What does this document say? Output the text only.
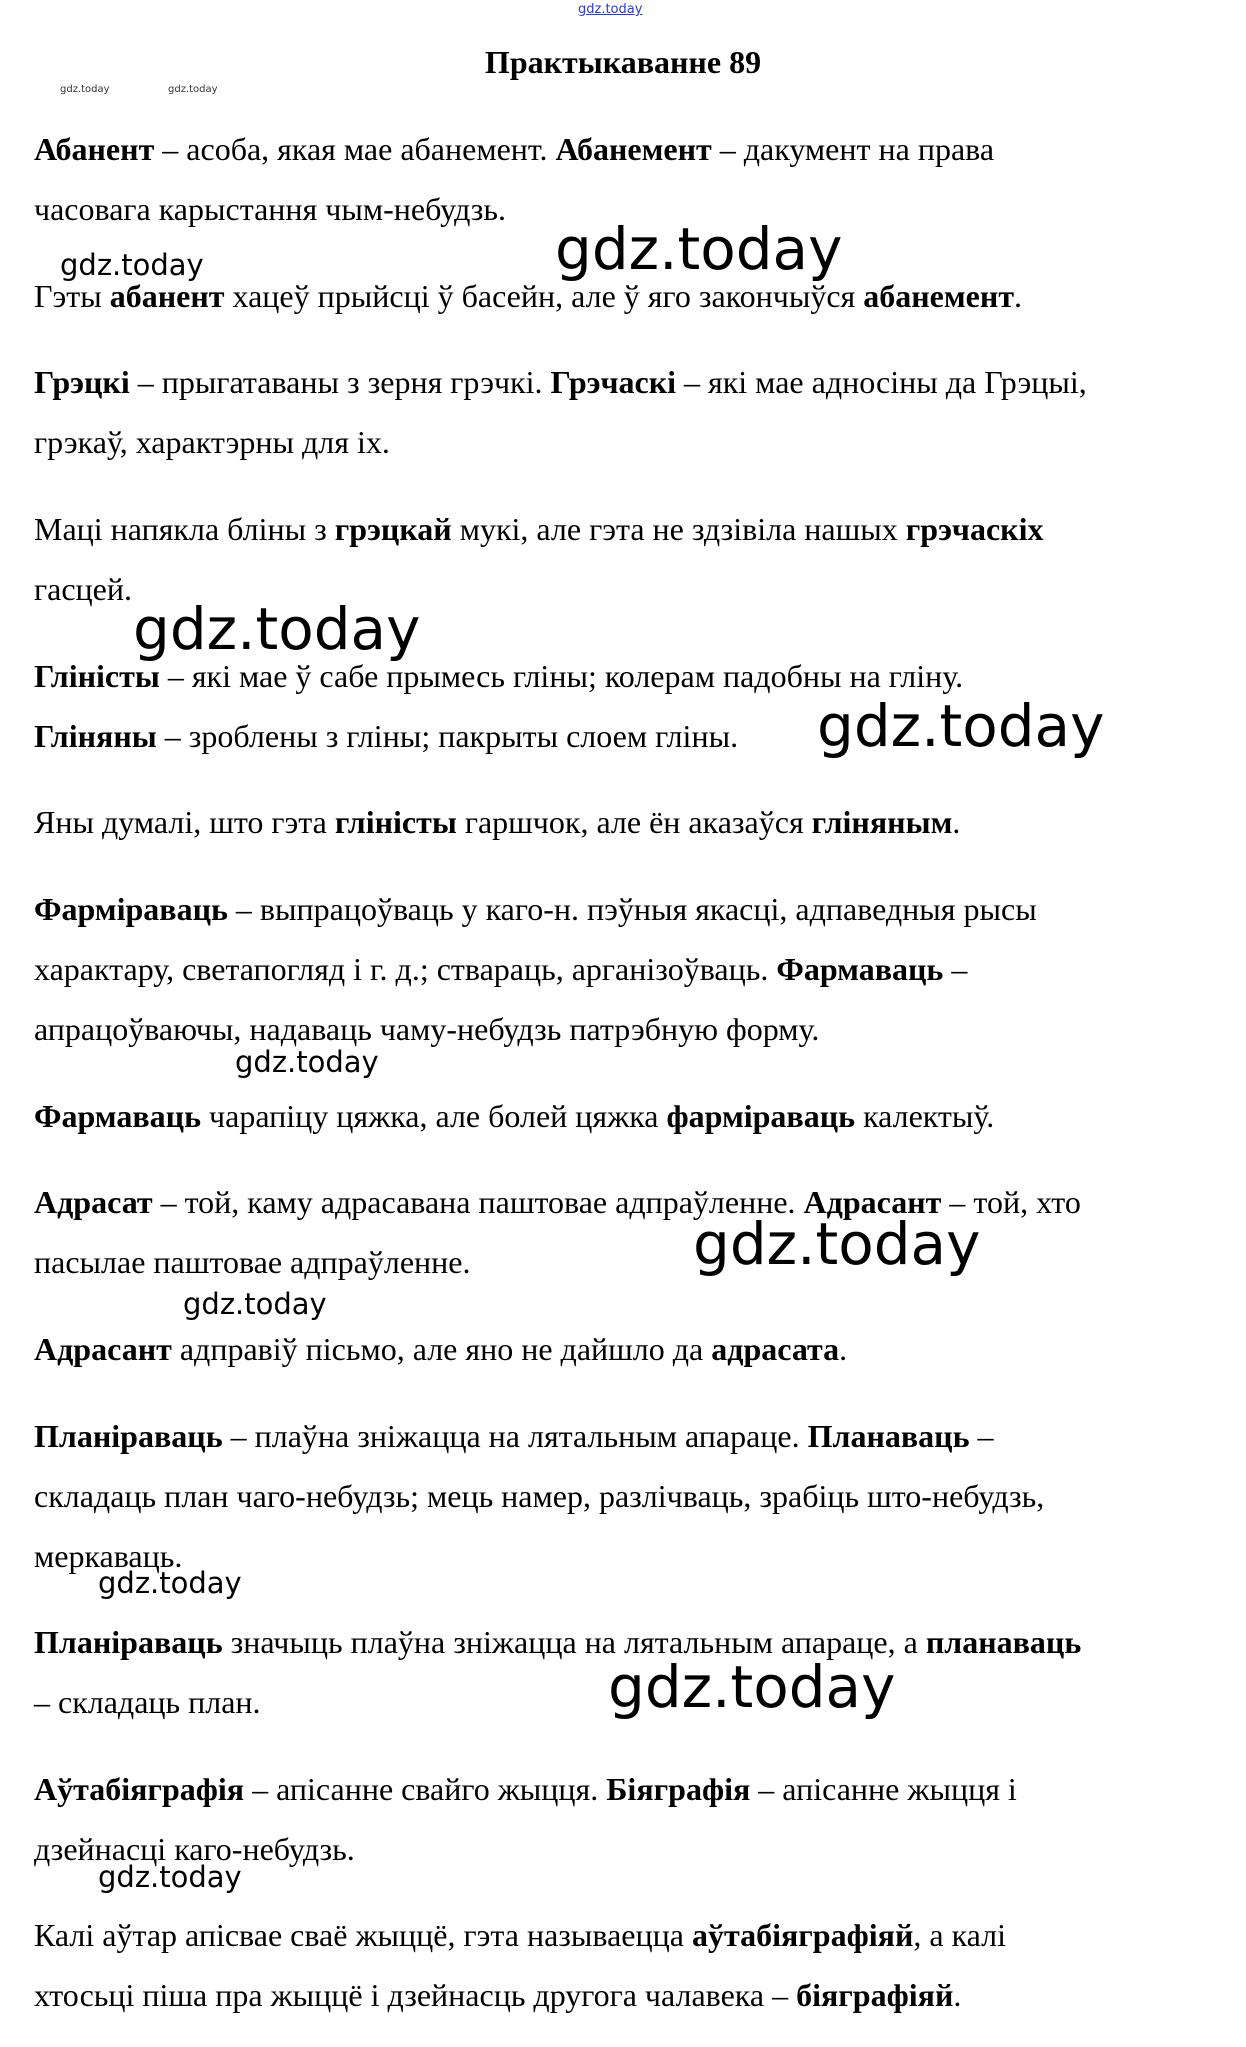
gdz.today
Практыкаванне 89
gdz.today	gdz.today
Абанент – асоба, якая мае абанемент. Абанемент – дакумент на права
часовага карыстання чым-небудзь.
Гэты абанент хацеў прыйсці ў басейн, але ў яго закончыўся абанемент.
Грэцкі – прыгатаваны з зерня грэчкі. Грэчаскі – які мае адносіны да Грэцыі,
грэкаў, характэрны для іх.
Маці напякла бліны з грэцкай мукі, але гэта не здзівіла нашых грэчаскіх
гасцей.
Гліністы – які мае ў сабе прымесь гліны; колерам падобны на гліну.
Гліняны – зроблены з гліны; пакрыты слоем гліны.
Яны думалі, што гэта гліністы гаршчок, але ён аказаўся гліняным.
Фарміраваць – выпрацоўваць у каго-н. пэўныя якасці, адпаведныя рысы
характару, светапогляд і г. д.; ствараць, арганізоўваць. Фармаваць –
апрацоўваючы, надаваць чаму-небудзь патрэбную форму.
Фармаваць чарапіцу цяжка, але болей цяжка фарміраваць калектыў.
Адрасат – той, каму адрасавана паштовае адпраўленне. Адрасант – той, хто
пасылае паштовае адпраўленне.
Адрасант адправіў пісьмо, але яно не дайшло да адрасата.
Планіраваць – плаўна зніжацца на лятальным апараце. Планаваць –
складаць план чаго-небудзь; мець намер, разлічваць, зрабіць што-небудзь,
меркаваць.
Планіраваць значыць плаўна зніжацца на лятальным апараце, а планаваць
– складаць план.
Аўтабіяграфія – апісанне свайго жыцця. Біяграфія – апісанне жыцця і
дзейнасці каго-небудзь.
Калі аўтар апісвае сваё жыццё, гэта называецца аўтабіяграфіяй, а калі
хтосьці піша пра жыццё і дзейнасць другога чалавека – біяграфіяй.
gdz.today	gdz.today
gdz.today
gdz.today
gdz.today
gdz.today
gdz.today
gdz.today
gdz.today
gdz.today
